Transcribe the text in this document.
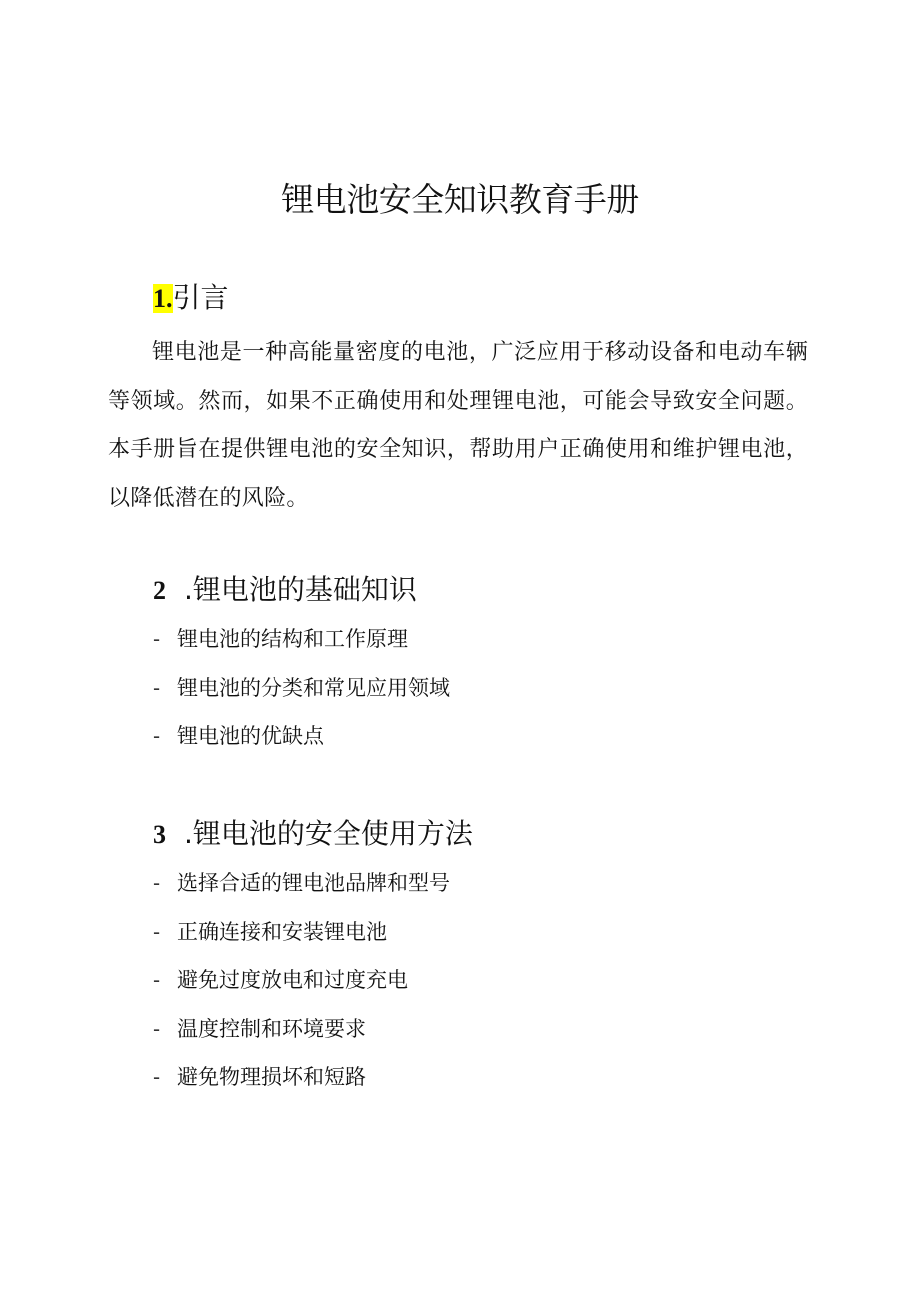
锂电池安全知识教育手册
1.引言

锂电池是一种高能量密度的电池，广泛应用于移动设备和电动车辆等领域。然而，如果不正确使用和处理锂电池，可能会导致安全问题。本手册旨在提供锂电池的安全知识，帮助用户正确使用和维护锂电池，以降低潜在的风险。

2 .锂电池的基础知识
- 锂电池的结构和工作原理
- 锂电池的分类和常见应用领域
- 锂电池的优缺点
3 .锂电池的安全使用方法
- 选择合适的锂电池品牌和型号
- 正确连接和安装锂电池
- 避免过度放电和过度充电
- 温度控制和环境要求
- 避免物理损坏和短路
